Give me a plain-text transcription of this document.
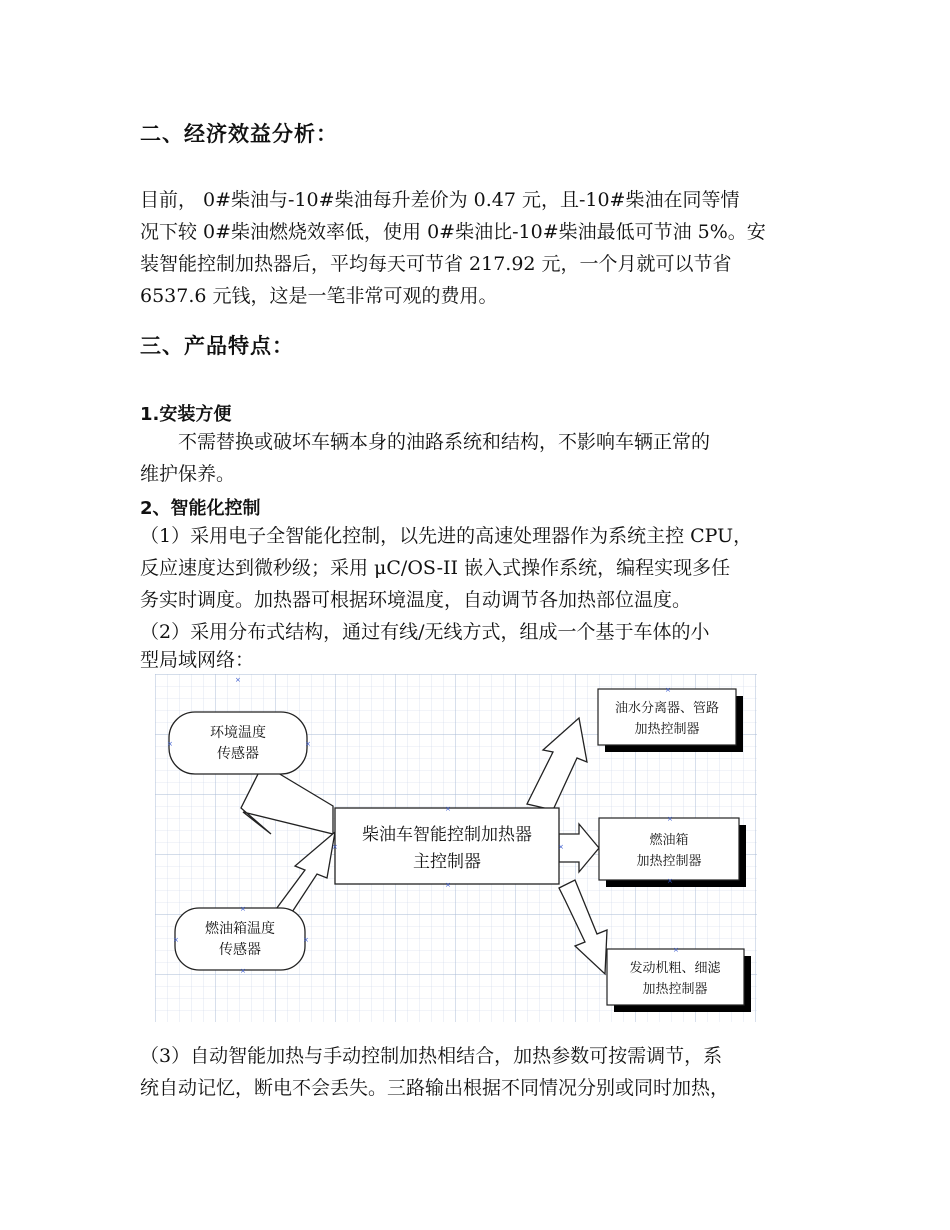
二、经济效益分析：
目前， 0#柴油与-10#柴油每升差价为 0.47 元，且-10#柴油在同等情
况下较 0#柴油燃烧效率低，使用 0#柴油比-10#柴油最低可节油 5%。安
装智能控制加热器后，平均每天可节省 217.92 元，一个月就可以节省
6537.6 元钱，这是一笔非常可观的费用。
三、产品特点：
1.安装方便
不需替换或破坏车辆本身的油路系统和结构，不影响车辆正常的
维护保养。
2、智能化控制
（1）采用电子全智能化控制，以先进的高速处理器作为系统主控 CPU，
反应速度达到微秒级；采用 μC/OS-II 嵌入式操作系统，编程实现多任
务实时调度。加热器可根据环境温度，自动调节各加热部位温度。
（2）采用分布式结构，通过有线/无线方式，组成一个基于车体的小
型局域网络：
柴油车智能控制加热器
主控制器
环境温度
传感器
燃油箱温度
传感器
油水分离器、管路
加热控制器
燃油箱
加热控制器
发动机粗、细滤
加热控制器
×
×
×
×	×
×
×
×
×
×
×
×	×
×	×
（3）自动智能加热与手动控制加热相结合，加热参数可按需调节，系
统自动记忆，断电不会丢失。三路输出根据不同情况分别或同时加热，
